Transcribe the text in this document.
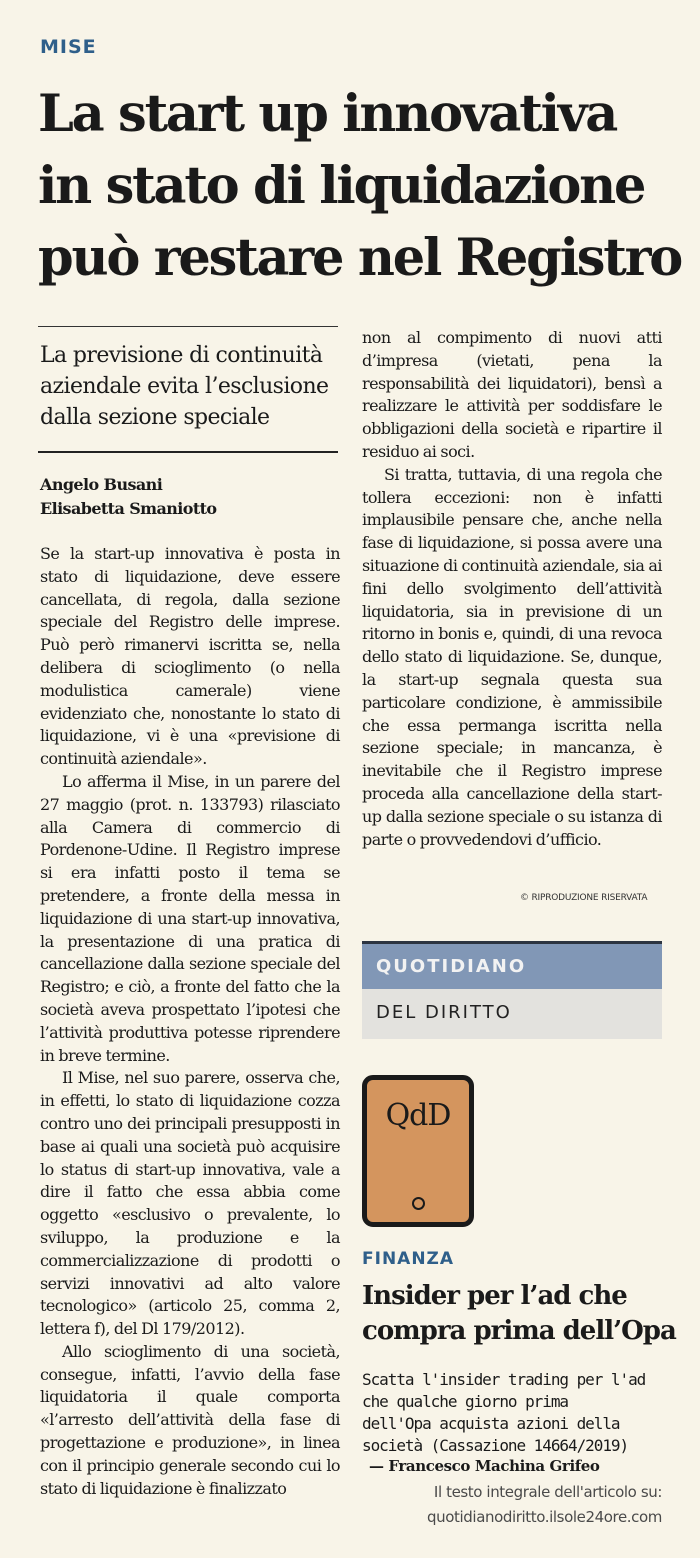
MISE
La start up innovativa
in stato di liquidazione
può restare nel Registro
La previsione di continuità
aziendale evita l’esclusione
dalla sezione speciale
Angelo Busani
Elisabetta Smaniotto

Se la start-up innovativa è posta in stato di liquidazione, deve essere cancellata, di regola, dalla sezione speciale del Registro delle imprese. Può però rimanervi iscritta se, nella delibera di scioglimento (o nella modulistica camerale) viene evidenziato che, nonostante lo stato di liquidazione, vi è una «previsione di continuità aziendale».

Lo afferma il Mise, in un parere del 27 maggio (prot. n. 133793) rilasciato alla Camera di commercio di Pordenone-Udine. Il Registro imprese si era infatti posto il tema se pretendere, a fronte della messa in liquidazione di una start-up innovativa, la presentazione di una pratica di cancellazione dalla sezione speciale del Registro; e ciò, a fronte del fatto che la società aveva prospettato l’ipotesi che l’attività produttiva potesse riprendere in breve termine.

Il Mise, nel suo parere, osserva che, in effetti, lo stato di liquidazione cozza contro uno dei principali presupposti in base ai quali una società può acquisire lo status di start-up innovativa, vale a dire il fatto che essa abbia come oggetto «esclusivo o prevalente, lo sviluppo, la produzione e la commercializzazione di prodotti o servizi innovativi ad alto valore tecnologico» (articolo 25, comma 2, lettera f), del Dl 179/2012).

Allo scioglimento di una società, consegue, infatti, l’avvio della fase liquidatoria il quale comporta «l’arresto dell’attività della fase di progettazione e produzione», in linea con il principio generale secondo cui lo stato di liquidazione è finalizzato

non al compimento di nuovi atti d’impresa (vietati, pena la responsabilità dei liquidatori), bensì a realizzare le attività per soddisfare le obbligazioni della società e ripartire il residuo ai soci.

Si tratta, tuttavia, di una regola che tollera eccezioni: non è infatti implausibile pensare che, anche nella fase di liquidazione, si possa avere una situazione di continuità aziendale, sia ai fini dello svolgimento dell’attività liquidatoria, sia in previsione di un ritorno in bonis e, quindi, di una revoca dello stato di liquidazione. Se, dunque, la start-up segnala questa sua particolare condizione, è ammissibile che essa permanga iscritta nella sezione speciale; in mancanza, è inevitabile che il Registro imprese proceda alla cancellazione della start-up dalla sezione speciale o su istanza di parte o provvedendovi d’ufficio.

© RIPRODUZIONE RISERVATA
QUOTIDIANO
DEL DIRITTO
QdD
FINANZA
Insider per l’ad che
compra prima dell’Opa
Scatta l'insider trading per l'ad
che qualche giorno prima
dell'Opa acquista azioni della
società (Cassazione 14664/2019)
— Francesco Machina Grifeo
Il testo integrale dell'articolo su:
quotidianodiritto.ilsole24ore.com
